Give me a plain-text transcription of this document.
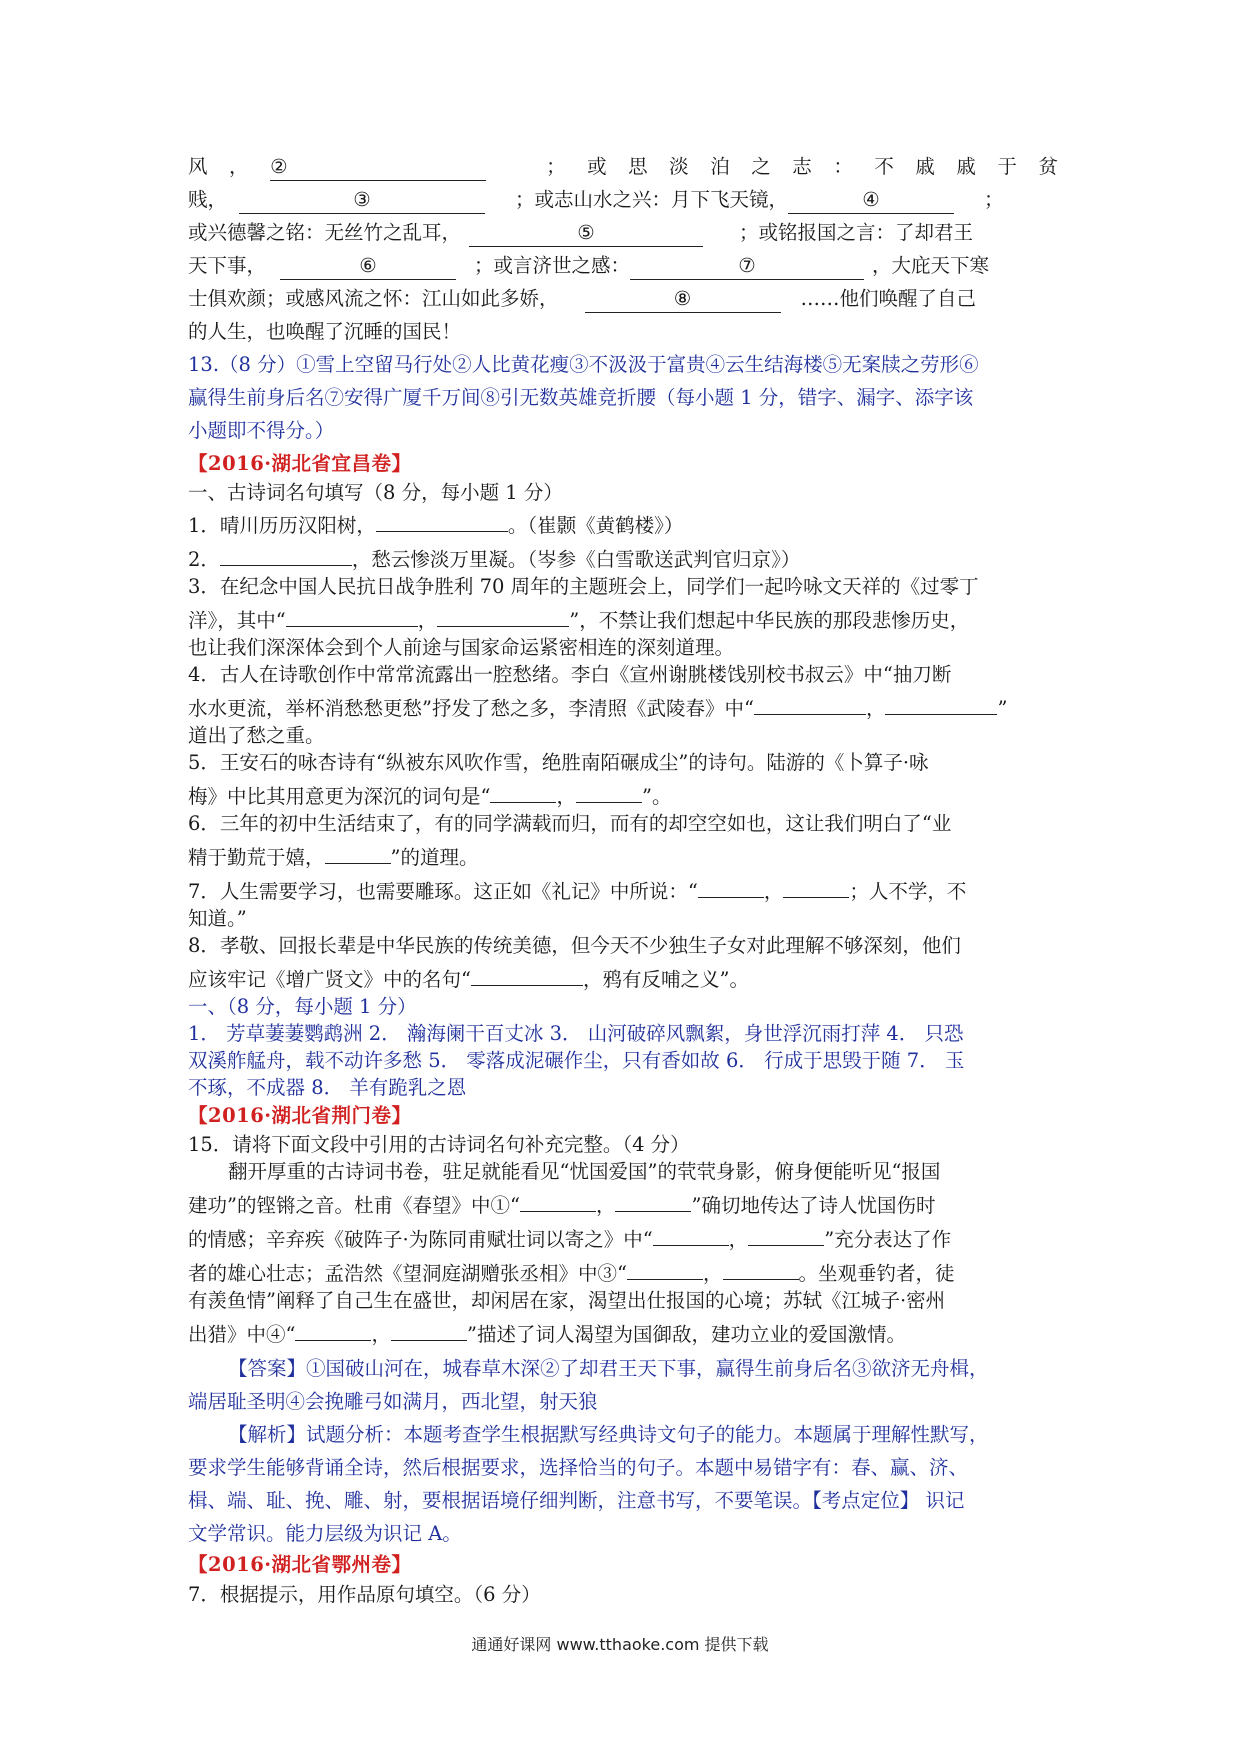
风，②	；或思淡泊之志：不戚戚于贫
贱，	③	；或志山水之兴：月下飞天镜，	④	；
或兴德馨之铭：无丝竹之乱耳，	⑤	；或铭报国之言：了却君王
天下事，	⑥	；或言济世之感：	⑦	，大庇天下寒
士俱欢颜；或感风流之怀：江山如此多娇，	⑧	……他们唤醒了自己
的人生，也唤醒了沉睡的国民！
13.（8 分）①雪上空留马行处②人比黄花瘦③不汲汲于富贵④云生结海楼⑤无案牍之劳形⑥
赢得生前身后名⑦安得广厦千万间⑧引无数英雄竞折腰（每小题 1 分，错字、漏字、添字该
小题即不得分。）
【2016·湖北省宜昌卷】
一、古诗词名句填写（8 分，每小题 1 分）
1．晴川历历汉阳树，	。（崔颢《黄鹤楼》）
2．	，愁云惨淡万里凝。（岑参《白雪歌送武判官归京》）
3．在纪念中国人民抗日战争胜利 70 周年的主题班会上，同学们一起吟咏文天祥的《过零丁
洋》，其中“	，	”，不禁让我们想起中华民族的那段悲惨历史，
也让我们深深体会到个人前途与国家命运紧密相连的深刻道理。
4．古人在诗歌创作中常常流露出一腔愁绪。李白《宣州谢朓楼饯别校书叔云》中“抽刀断
水水更流，举杯消愁愁更愁”抒发了愁之多，李清照《武陵春》中“	，	”
道出了愁之重。
5．王安石的咏杏诗有“纵被东风吹作雪，绝胜南陌碾成尘”的诗句。陆游的《卜算子·咏
梅》中比其用意更为深沉的词句是“	，	”。
6．三年的初中生活结束了，有的同学满载而归，而有的却空空如也，这让我们明白了“业
精于勤荒于嬉，	”的道理。
7．人生需要学习，也需要雕琢。这正如《礼记》中所说：“	，	；人不学，不
知道。”
8．孝敬、回报长辈是中华民族的传统美德，但今天不少独生子女对此理解不够深刻，他们
应该牢记《增广贤文》中的名句“	，鸦有反哺之义”。
一、（8 分，每小题 1 分）
1． 芳草萋萋鹦鹉洲 2． 瀚海阑干百丈冰 3． 山河破碎风飘絮，身世浮沉雨打萍 4． 只恐
双溪舴艋舟，载不动许多愁 5． 零落成泥碾作尘，只有香如故 6． 行成于思毁于随 7． 玉
不琢，不成器 8． 羊有跪乳之恩
【2016·湖北省荆门卷】
15．请将下面文段中引用的古诗词名句补充完整。（4 分）
翻开厚重的古诗词书卷，驻足就能看见“忧国爱国”的茕茕身影，俯身便能听见“报国
建功”的铿锵之音。杜甫《春望》中①“	，	”确切地传达了诗人忧国伤时
的情感；辛弃疾《破阵子·为陈同甫赋壮词以寄之》中“	，	”充分表达了作
者的雄心壮志；孟浩然《望洞庭湖赠张丞相》中③“	，	。坐观垂钓者，徒
有羡鱼情”阐释了自己生在盛世，却闲居在家，渴望出仕报国的心境；苏轼《江城子·密州
出猎》中④“	，	”描述了词人渴望为国御敌，建功立业的爱国激情。
【答案】①国破山河在，城春草木深②了却君王天下事，赢得生前身后名③欲济无舟楫，
端居耻圣明④会挽雕弓如满月，西北望，射天狼
【解析】试题分析：本题考查学生根据默写经典诗文句子的能力。本题属于理解性默写，
要求学生能够背诵全诗，然后根据要求，选择恰当的句子。本题中易错字有：春、赢、济、
楫、端、耻、挽、雕、射，要根据语境仔细判断，注意书写，不要笔误。【考点定位】 识记
文学常识。能力层级为识记 A。
【2016·湖北省鄂州卷】
7．根据提示，用作品原句填空。（6 分）
通通好课网 www.tthaoke.com 提供下载
